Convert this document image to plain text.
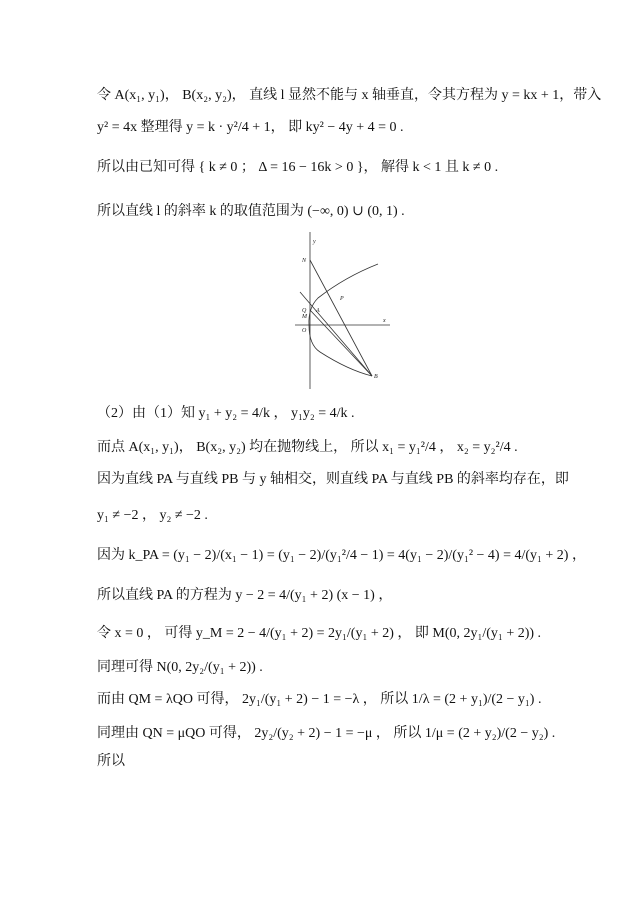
令 A(x₁, y₁)， B(x₂, y₂)， 直线 l 显然不能与 x 轴垂直，令其方程为 y = kx + 1，带入
y² = 4x 整理得 y = k · y²/4 + 1， 即 ky² − 4y + 4 = 0 .
所以由已知可得 { k ≠ 0 ； Δ = 16 − 16k > 0 }， 解得 k < 1 且 k ≠ 0 .
所以直线 l 的斜率 k 的取值范围为 (−∞, 0) ∪ (0, 1) .
y
x
N
P
Q
M
A
O
B
（2）由（1）知 y₁ + y₂ = 4/k ， y₁y₂ = 4/k .
而点 A(x₁, y₁)， B(x₂, y₂) 均在抛物线上， 所以 x₁ = y₁²/4 ， x₂ = y₂²/4 .
因为直线 PA 与直线 PB 与 y 轴相交，则直线 PA 与直线 PB 的斜率均存在，即
y₁ ≠ −2 ， y₂ ≠ −2 .
因为 k_PA = (y₁ − 2)/(x₁ − 1) = (y₁ − 2)/(y₁²/4 − 1) = 4(y₁ − 2)/(y₁² − 4) = 4/(y₁ + 2) ，
所以直线 PA 的方程为 y − 2 = 4/(y₁ + 2) (x − 1) ，
令 x = 0 ， 可得 y_M = 2 − 4/(y₁ + 2) = 2y₁/(y₁ + 2) ， 即 M(0, 2y₁/(y₁ + 2)) .
同理可得 N(0, 2y₂/(y₁ + 2)) .
而由 QM = λQO 可得， 2y₁/(y₁ + 2) − 1 = −λ ， 所以 1/λ = (2 + y₁)/(2 − y₁) .
同理由 QN = μQO 可得， 2y₂/(y₂ + 2) − 1 = −μ ， 所以 1/μ = (2 + y₂)/(2 − y₂) .
所以
